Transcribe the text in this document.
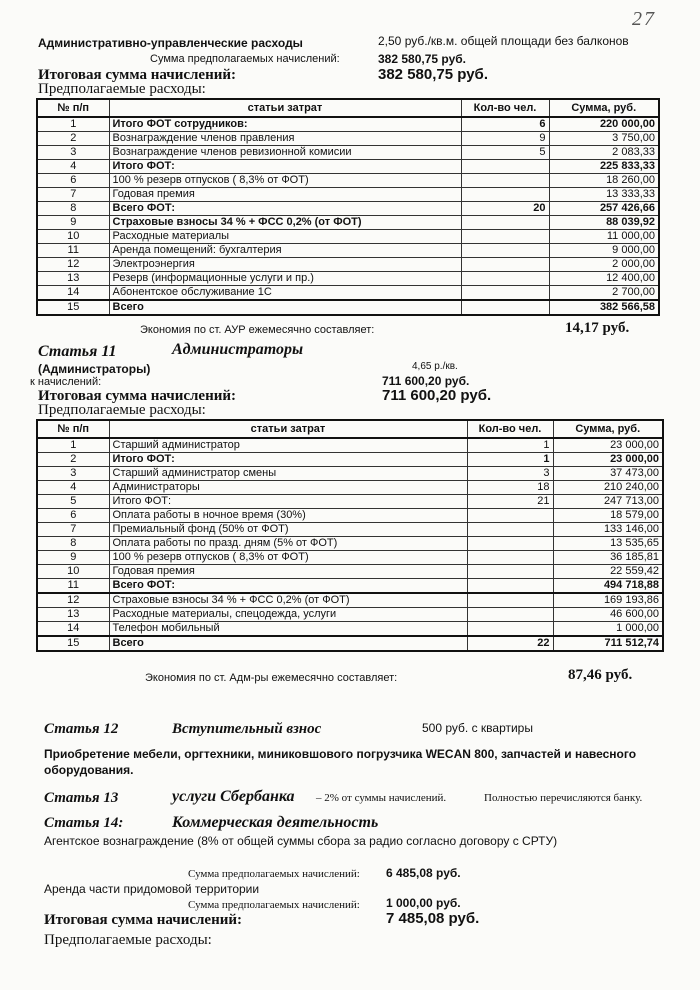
27
Административно-управленческие расходы	2,50 руб./кв.м. общей площади без балконов
Сумма предполагаемых начислений:	382 580,75 руб.
Итоговая сумма начислений:	382 580,75 руб.
Предполагаемые расходы:
№ п/п	статьи затрат	Кол-во чел.	Сумма, руб.
1	Итого ФОТ сотрудников:	6	220 000,00
2	Вознаграждение членов правления	9	3 750,00
3	Вознаграждение членов ревизионной комисии	5	2 083,33
4	Итого ФОТ:		225 833,33
6	100 % резерв отпусков ( 8,3% от ФОТ)		18 260,00
7	Годовая премия		13 333,33
8	Всего ФОТ:	20	257 426,66
9	Страховые взносы 34 % + ФСС 0,2% (от ФОТ)		88 039,92
10	Расходные материалы		11 000,00
11	Аренда помещений: бухгалтерия		9 000,00
12	Электроэнергия		2 000,00
13	Резерв (информационные услуги и пр.)		12 400,00
14	Абонентское обслуживание 1С		2 700,00
15	Всего		382 566,58
Экономия по ст. АУР ежемесячно составляет:	14,17 руб.
Статья 11	Администраторы
(Администраторы)	4,65 р./кв.
к начислений:	711 600,20 руб.
Итоговая сумма начислений:	711 600,20 руб.
Предполагаемые расходы:
№ п/п	статьи затрат	Кол-во чел.	Сумма, руб.
1	Старший администратор	1	23 000,00
2	Итого ФОТ:	1	23 000,00
3	Старший администратор смены	3	37 473,00
4	Администраторы	18	210 240,00
5	Итого ФОТ:	21	247 713,00
6	Оплата работы в ночное время (30%)		18 579,00
7	Премиальный фонд (50% от ФОТ)		133 146,00
8	Оплата работы по празд. дням (5% от ФОТ)		13 535,65
9	100 % резерв отпусков ( 8,3% от ФОТ)		36 185,81
10	Годовая премия		22 559,42
11	Всего ФОТ:		494 718,88
12	Страховые взносы 34 % + ФСС 0,2% (от ФОТ)		169 193,86
13	Расходные материалы, спецодежда, услуги		46 600,00
14	Телефон мобильный		1 000,00
15	Всего	22	711 512,74
Экономия по ст. Адм-ры ежемесячно составляет:	87,46 руб.
Статья 12	Вступительный взнос	500 руб. с квартиры
Приобретение мебели, оргтехники, миниковшового погрузчика WECAN 800, запчастей и навесного оборудования.
Статья 13	услуги Сбербанка – 2% от суммы начислений.	Полностью перечисляются банку.
Статья 14:	Коммерческая деятельность
Агентское вознаграждение (8% от общей суммы сбора за радио согласно договору с СРТУ)
Сумма предполагаемых начислений: 6 485,08 руб.
Аренда части придомовой территории
Сумма предполагаемых начислений: 1 000,00 руб.
Итоговая сумма начислений:	7 485,08 руб.
Предполагаемые расходы:
